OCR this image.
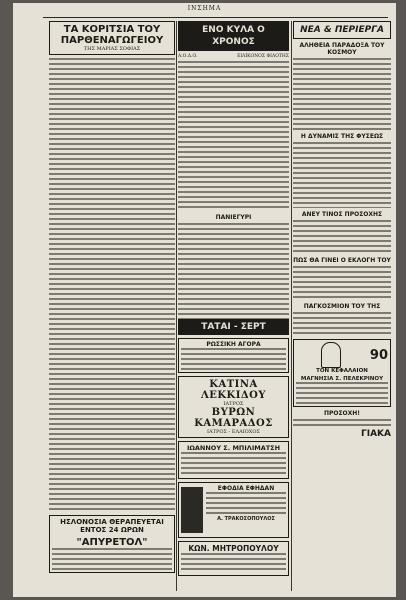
ΙΝΣΗΜΑ
ΤΑ ΚΟΡΙΤΣΙΑ ΤΟΥ ΠΑΡΘΕΝΑΓΩΓΕΙΟΥ
ΤΗΣ ΜΑΡΙΑΣ ΣΟΦΙΑΣ
ΗΣΛΟΝΟΣΙΑ ΘΕΡΑΠΕΥΕΤΑΙ ΕΝΤΟΣ 24 ΩΡΩΝ
"ΑΠΥΡΕΤΟΛ"
ΕΝΟ ΚΥΛΑ Ο ΧΡΟΝΟΣ
Α.Ο.Δ.Ο.	ΕΙΛΙΚΟΝΟΣ ΦΙΛΟΤΗΣ
ΠΑΝΙΕΓΥΡΙ
ΤΑΤΑΙ - ΣΕΡΤ
ΡΩΣΣΙΚΗ ΑΓΟΡΑ
ΚΑΤΙΝΑ ΛΕΚΚΙΔΟΥ
ΙΑΤΡΟΣ
ΒΥΡΩΝ ΚΑΜΑΡΑΔΟΣ
ΙΑΤΡΟΣ - ΕΛΑΙΟΧΟΣ
ΙΩΑΝΝΟΥ Σ. ΜΠΙΛΙΜΑΤΣΗ
ΕΦΟΔΙΑ ΕΦΗΔΑΝ
Α. ΤΡΑΚΟΣΟΠΟΥΛΟΣ
ΚΩΝ. ΜΗΤΡΟΠΟΥΛΟΥ
ΝΕΑ & ΠΕΡΙΕΡΓΑ
ΑΛΗΘΕΙΑ ΠΑΡΑΔΟΞΑ ΤΟΥ ΚΟΣΜΟΥ
Η ΔΥΝΑΜΙΣ ΤΗΣ ΦΥΣΕΩΣ
ΑΝΕΥ ΤΙΝΟΣ ΠΡΟΣΟΧΗΣ
ΠΩΣ ΘΑ ΓΙΝΕΙ Ο ΕΚΛΟΓΗ ΤΟΥ
ΠΑΓΚΟΣΜΙΟΝ ΤΟΥ ΤΗΣ
90
ΤΟΝ ΚΕΦΑΛΑΙΟΝ
ΜΑΓΝΗΣΙΑ Σ. ΠΕΛΕΚΡΙΝΟΥ
ΠΡΟΣΟΧΗ!
ΓΙΑΚΑ
